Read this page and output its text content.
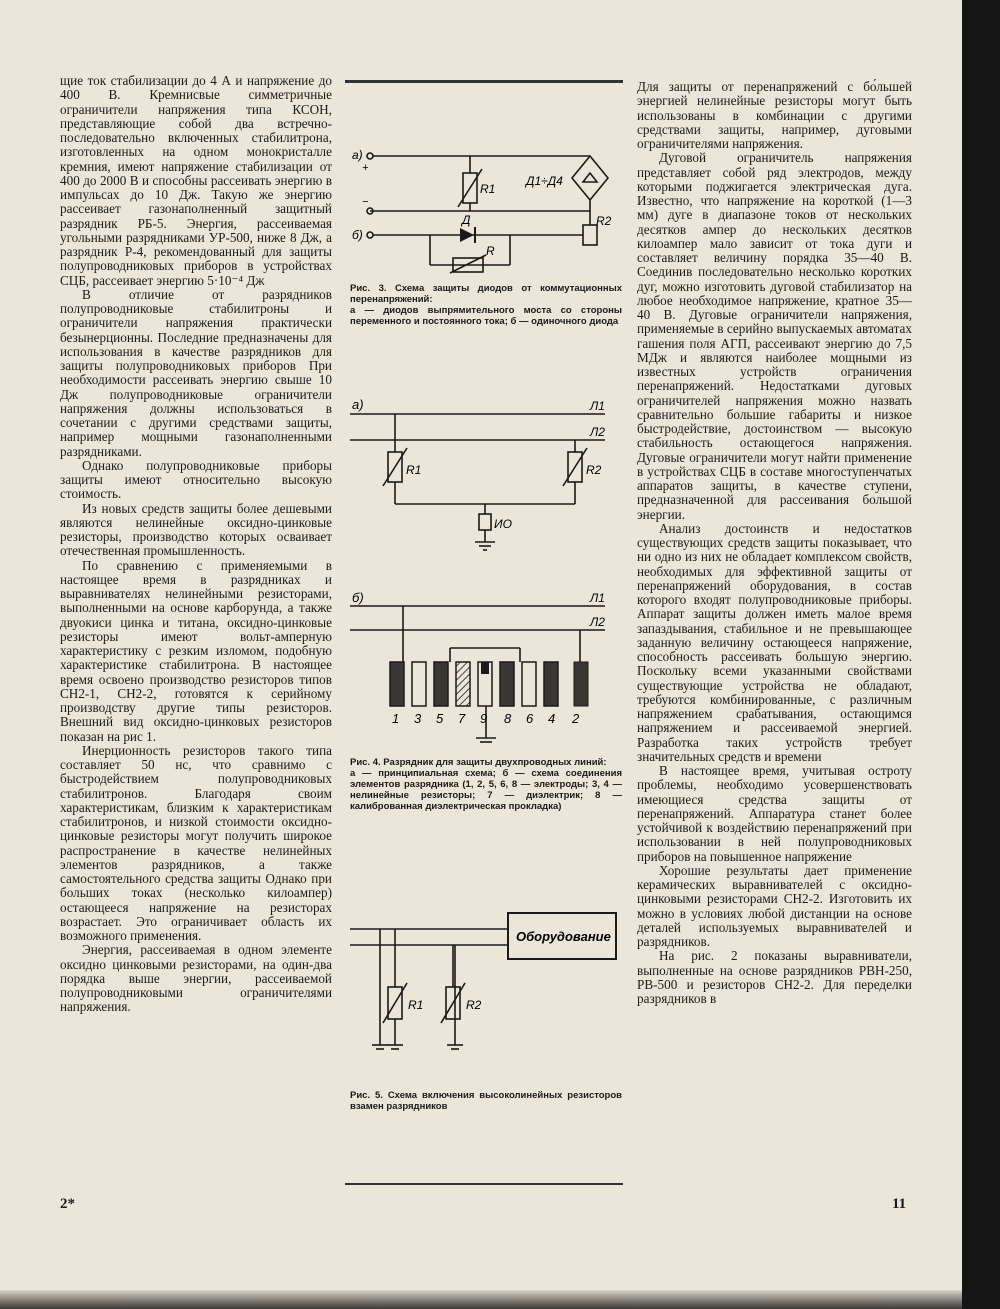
щие ток стабилизации до 4 А и напряжение до 400 В. Кремнисвые симметричные ограничители напряжения типа КСОН, представляющие собой два встречно-последовательно включенных стабилитрона, изготовленных на одном монокристалле кремния, имеют напряжение стабилизации от 400 до 2000 В и способны рассеивать энергию в импульсах до 10 Дж. Такую же энергию рассеивает газонаполненный защитный разрядник РБ-5. Энергия, рассеиваемая угольными разрядниками УР-500, ниже 8 Дж, а разрядник Р-4, рекомендованный для защиты полупроводниковых приборов в устройствах СЦБ, рассеивает энергию 5·10⁻⁴ Дж

В отличие от разрядников полупроводниковые стабилитроны и ограничители напряжения практически безынерционны. Последние предназначены для использования в качестве разрядников для защиты полупроводниковых приборов При необходимости рассеивать энергию свыше 10 Дж полупроводниковые ограничители напряжения должны использоваться в сочетании с другими средствами защиты, например мощными газонаполненными разрядниками.

Однако полупроводниковые приборы защиты имеют относительно высокую стоимость.

Из новых средств защиты более дешевыми являются нелинейные оксидно-цинковые резисторы, производство которых осваивает отечественная промышленность.

По сравнению с применяемыми в настоящее время в разрядниках и выравнивателях нелинейными резисторами, выполненными на основе карборунда, а также двуокиси цинка и титана, оксидно-цинковые резисторы имеют вольт-амперную характеристику с резким изломом, подобную характеристике стабилитрона. В настоящее время освоено производство резисторов типов СН2-1, СН2-2, готовятся к серийному производству другие типы резисторов. Внешний вид оксидно-цинковых резисторов показан на рис 1.

Инерционность резисторов такого типа составляет 50 нс, что сравнимо с быстродействием полупроводниковых стабилитронов. Благодаря своим характеристикам, близким к характеристикам стабилитронов, и низкой стоимости оксидно-цинковые резисторы могут получить широкое распространение в качестве нелинейных элементов разрядников, а также самостоятельного средства защиты Однако при больших токах (несколько килоампер) остающееся напряжение на резисторах возрастает. Это ограничивает область их возможного применения.

Энергия, рассеиваемая в одном элементе оксидно цинковыми резисторами, на один-два порядка выше энергии, рассеиваемой полупроводниковыми ограничителями напряжения.

а)
+
−
б)
R1
Д1÷Д4
R2
Д
R
Рис. 3. Схема защиты диодов от коммутационных перенапряжений:
а — диодов выпрямительного моста со стороны переменного и постоянного тока; б — одиночного диода
а)	Л1
Л2
R1	R2
ИО
б)	Л1
Л2
1 3 5 7 9 8 6 4 2
Рис. 4. Разрядник для защиты двухпроводных линий:
а — принципиальная схема; б — схема соединения элементов разрядника (1, 2, 5, 6, 8 — электроды; 3, 4 — нелинейные резисторы; 7 — диэлектрик; 8 — калиброванная диэлектрическая прокладка)
Оборудование
R1	R2
Рис. 5. Схема включения высоколинейных резисторов взамен разрядников

Для защиты от перенапряжений с бо́льшей энергией нелинейные резисторы могут быть использованы в комбинации с другими средствами защиты, например, дуговыми ограничителями напряжения.

Дуговой ограничитель напряжения представляет собой ряд электродов, между которыми поджигается электрическая дуга. Известно, что напряжение на короткой (1—3 мм) дуге в диапазоне токов от нескольких десятков ампер до нескольких десятков килоампер мало зависит от тока дуги и составляет величину порядка 35—40 В. Соединив последовательно несколько коротких дуг, можно изготовить дуговой стабилизатор на любое необходимое напряжение, кратное 35—40 В. Дуговые ограничители напряжения, применяемые в серийно выпускаемых автоматах гашения поля АГП, рассеивают энергию до 7,5 МДж и являются наиболее мощными из известных устройств ограничения перенапряжений. Недостатками дуговых ограничителей напряжения можно назвать сравнительно большие габариты и низкое быстродействие, достоинством — высокую стабильность остающегося напряжения. Дуговые ограничители могут найти применение в устройствах СЦБ в составе многоступенчатых аппаратов защиты, в качестве ступени, предназначенной для рассеивания большой энергии.

Анализ достоинств и недостатков существующих средств защиты показывает, что ни одно из них не обладает комплексом свойств, необходимых для эффективной защиты от перенапряжений оборудования, в состав которого входят полупроводниковые приборы. Аппарат защиты должен иметь малое время запаздывания, стабильное и не превышающее заданную величину остающееся напряжение, способность рассеивать большую энергию. Поскольку всеми указанными свойствами существующие устройства не обладают, требуются комбинированные, с различным напряжением срабатывания, остающимся напряжением и рассеиваемой энергией. Разработка таких устройств требует значительных средств и времени

В настоящее время, учитывая остроту проблемы, необходимо усовершенствовать имеющиеся средства защиты от перенапряжений. Аппаратура станет более устойчивой к воздействию перенапряжений при использовании в ней полупроводниковых приборов на повышенное напряжение

Хорошие результаты дает применение керамических выравнивателей с оксидно-цинковыми резисторами СН2-2. Изготовить их можно в условиях любой дистанции на основе деталей используемых выравнивателей и разрядников.

На рис. 2 показаны выравниватели, выполненные на основе разрядников РВН-250, РВ-500 и резисторов СН2-2. Для переделки разрядников в

2*	11
